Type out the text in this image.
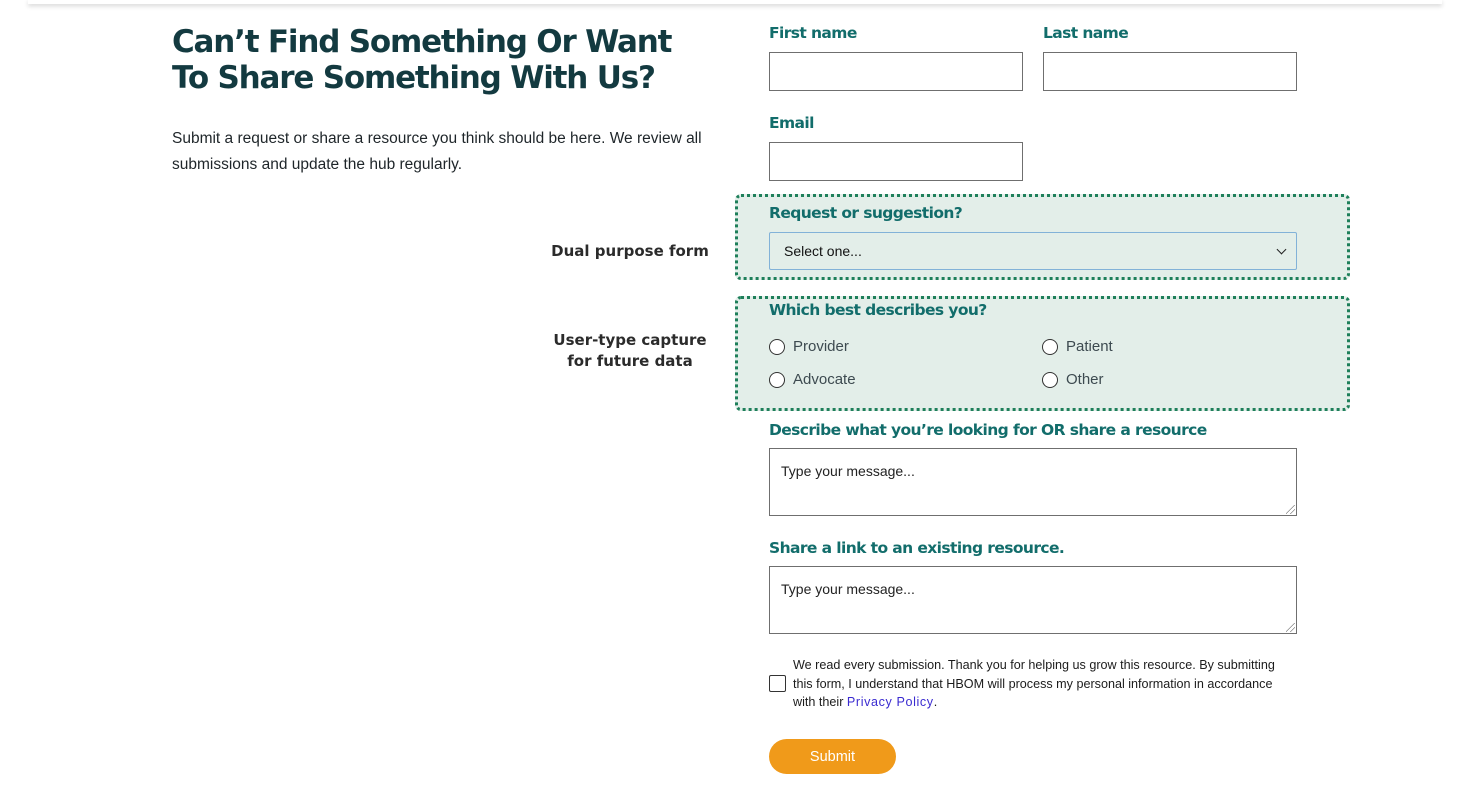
Can’t Find Something Or Want To Share Something With Us?

Submit a request or share a resource you think should be here. We review all submissions and update the hub regularly.

Dual purpose form
User-type capture
for future data
First name	Last name
Email
Request or suggestion?
Select one...
Which best describes you?
Provider	Patient
Advocate	Other
Describe what you’re looking for OR share a resource
Type your message...
Share a link to an existing resource.
Type your message...

We read every submission. Thank you for helping us grow this resource. By submitting this form, I understand that HBOM will process my personal information in accordance with their Privacy Policy.

Submit
